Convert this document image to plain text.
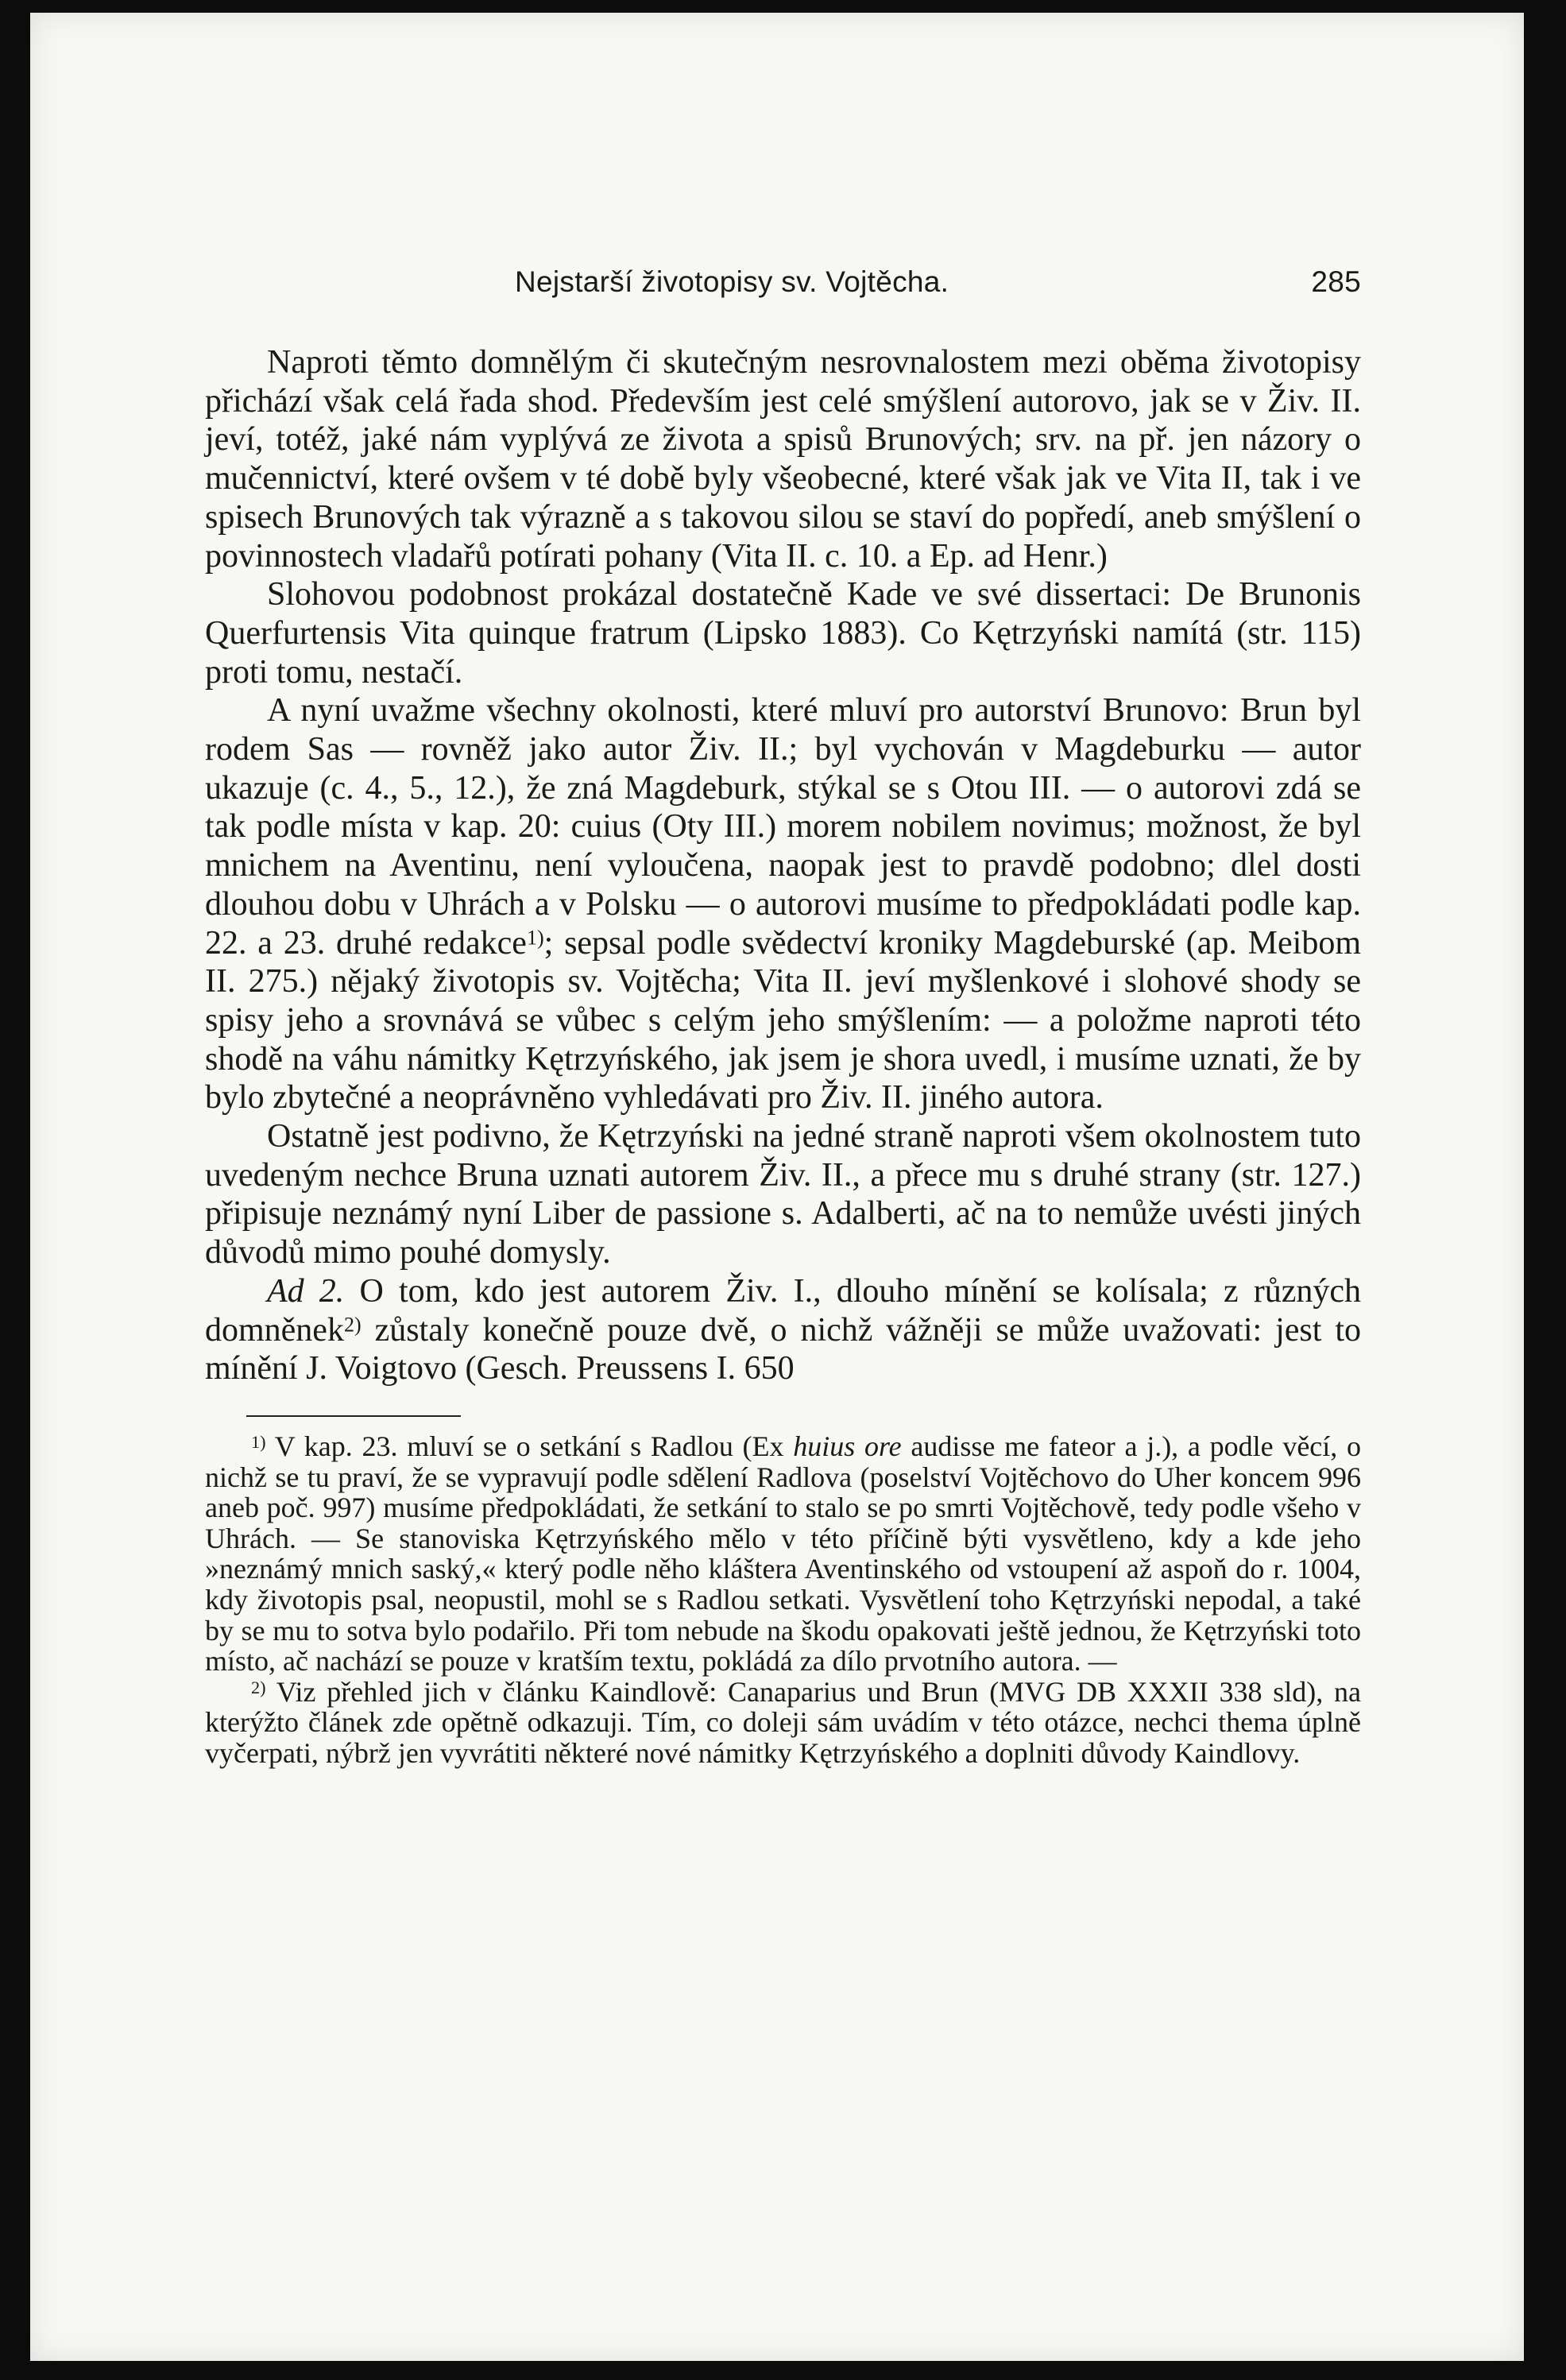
Nejstarší životopisy sv. Vojtěcha.	285

Naproti těmto domnělým či skutečným nesrovnalostem mezi oběma životopisy přichází však celá řada shod. Především jest celé smýšlení autorovo, jak se v Živ. II. jeví, totéž, jaké nám vyplývá ze života a spisů Brunových; srv. na př. jen názory o mučennictví, které ovšem v té době byly všeobecné, které však jak ve Vita II, tak i ve spisech Brunových tak výrazně a s takovou silou se staví do popředí, aneb smýšlení o povinnostech vladařů potírati pohany (Vita II. c. 10. a Ep. ad Henr.)

Slohovou podobnost prokázal dostatečně Kade ve své dissertaci: De Brunonis Querfurtensis Vita quinque fratrum (Lipsko 1883). Co Kętrzyński namítá (str. 115) proti tomu, nestačí.

A nyní uvažme všechny okolnosti, které mluví pro autorství Brunovo: Brun byl rodem Sas — rovněž jako autor Živ. II.; byl vychován v Magdeburku — autor ukazuje (c. 4., 5., 12.), že zná Magdeburk, stýkal se s Otou III. — o autorovi zdá se tak podle místa v kap. 20: cuius (Oty III.) morem nobilem novimus; možnost, že byl mnichem na Aventinu, není vyloučena, naopak jest to pravdě podobno; dlel dosti dlouhou dobu v Uhrách a v Polsku — o autorovi musíme to předpokládati podle kap. 22. a 23. druhé redakce$^{1)}$; sepsal podle svědectví kroniky Magdeburské (ap. Meibom II. 275.) nějaký životopis sv. Vojtěcha; Vita II. jeví myšlenkové i slohové shody se spisy jeho a srovnává se vůbec s celým jeho smýšlením: — a položme naproti této shodě na váhu námitky Kętrzyńského, jak jsem je shora uvedl, i musíme uznati, že by bylo zbytečné a neoprávněno vyhledávati pro Živ. II. jiného autora.

Ostatně jest podivno, že Kętrzyński na jedné straně naproti všem okolnostem tuto uvedeným nechce Bruna uznati autorem Živ. II., a přece mu s druhé strany (str. 127.) připisuje neznámý nyní Liber de passione s. Adalberti, ač na to nemůže uvésti jiných důvodů mimo pouhé domysly.

Ad 2. O tom, kdo jest autorem Živ. I., dlouho mínění se kolísala; z různých domněnek$^{2)}$ zůstaly konečně pouze dvě, o nichž vážněji se může uvažovati: jest to mínění J. Voigtovo (Gesch. Preussens I. 650

$^{1)}$ V kap. 23. mluví se o setkání s Radlou (Ex huius ore audisse me fateor a j.), a podle věcí, o nichž se tu praví, že se vypravují podle sdělení Radlova (poselství Vojtěchovo do Uher koncem 996 aneb poč. 997) musíme předpokládati, že setkání to stalo se po smrti Vojtěchově, tedy podle všeho v Uhrách. — Se stanoviska Kętrzyńského mělo v této příčině býti vysvětleno, kdy a kde jeho »neznámý mnich saský,« který podle něho kláštera Aventinského od vstoupení až aspoň do r. 1004, kdy životopis psal, neopustil, mohl se s Radlou setkati. Vysvětlení toho Kętrzyński nepodal, a také by se mu to sotva bylo podařilo. Při tom nebude na škodu opakovati ještě jednou, že Kętrzyński toto místo, ač nachází se pouze v kratším textu, pokládá za dílo prvotního autora. —

$^{2)}$ Viz přehled jich v článku Kaindlově: Canaparius und Brun (MVG DB XXXII 338 sld), na kterýžto článek zde opětně odkazuji. Tím, co doleji sám uvádím v této otázce, nechci thema úplně vyčerpati, nýbrž jen vyvrátiti některé nové námitky Kętrzyńského a doplniti důvody Kaindlovy.
